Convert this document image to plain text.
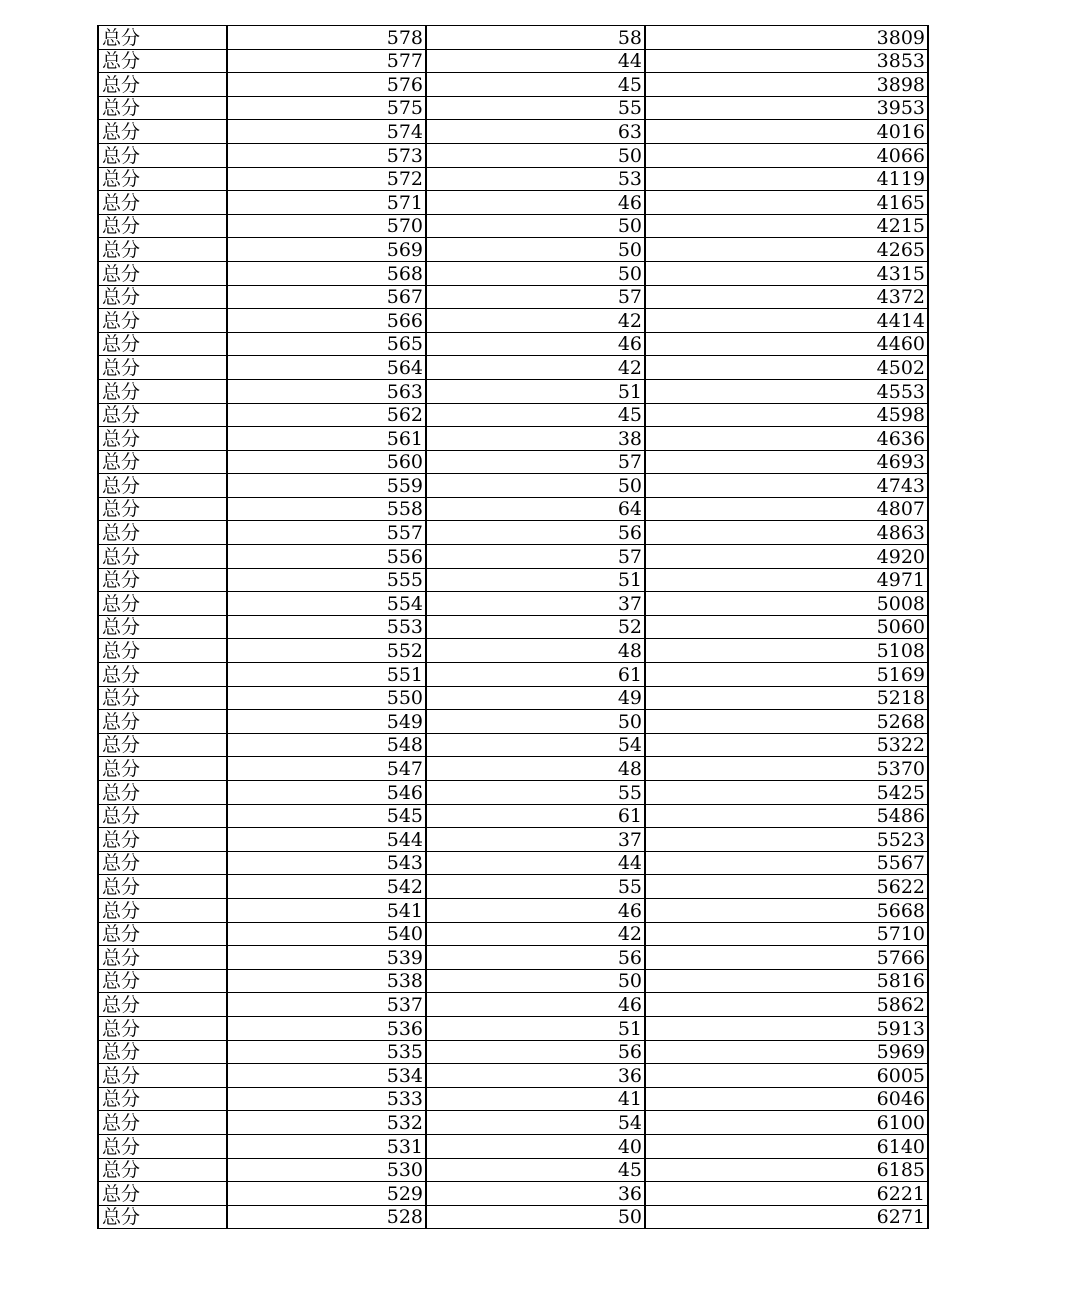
总分	578	58	3809
总分	577	44	3853
总分	576	45	3898
总分	575	55	3953
总分	574	63	4016
总分	573	50	4066
总分	572	53	4119
总分	571	46	4165
总分	570	50	4215
总分	569	50	4265
总分	568	50	4315
总分	567	57	4372
总分	566	42	4414
总分	565	46	4460
总分	564	42	4502
总分	563	51	4553
总分	562	45	4598
总分	561	38	4636
总分	560	57	4693
总分	559	50	4743
总分	558	64	4807
总分	557	56	4863
总分	556	57	4920
总分	555	51	4971
总分	554	37	5008
总分	553	52	5060
总分	552	48	5108
总分	551	61	5169
总分	550	49	5218
总分	549	50	5268
总分	548	54	5322
总分	547	48	5370
总分	546	55	5425
总分	545	61	5486
总分	544	37	5523
总分	543	44	5567
总分	542	55	5622
总分	541	46	5668
总分	540	42	5710
总分	539	56	5766
总分	538	50	5816
总分	537	46	5862
总分	536	51	5913
总分	535	56	5969
总分	534	36	6005
总分	533	41	6046
总分	532	54	6100
总分	531	40	6140
总分	530	45	6185
总分	529	36	6221
总分	528	50	6271
